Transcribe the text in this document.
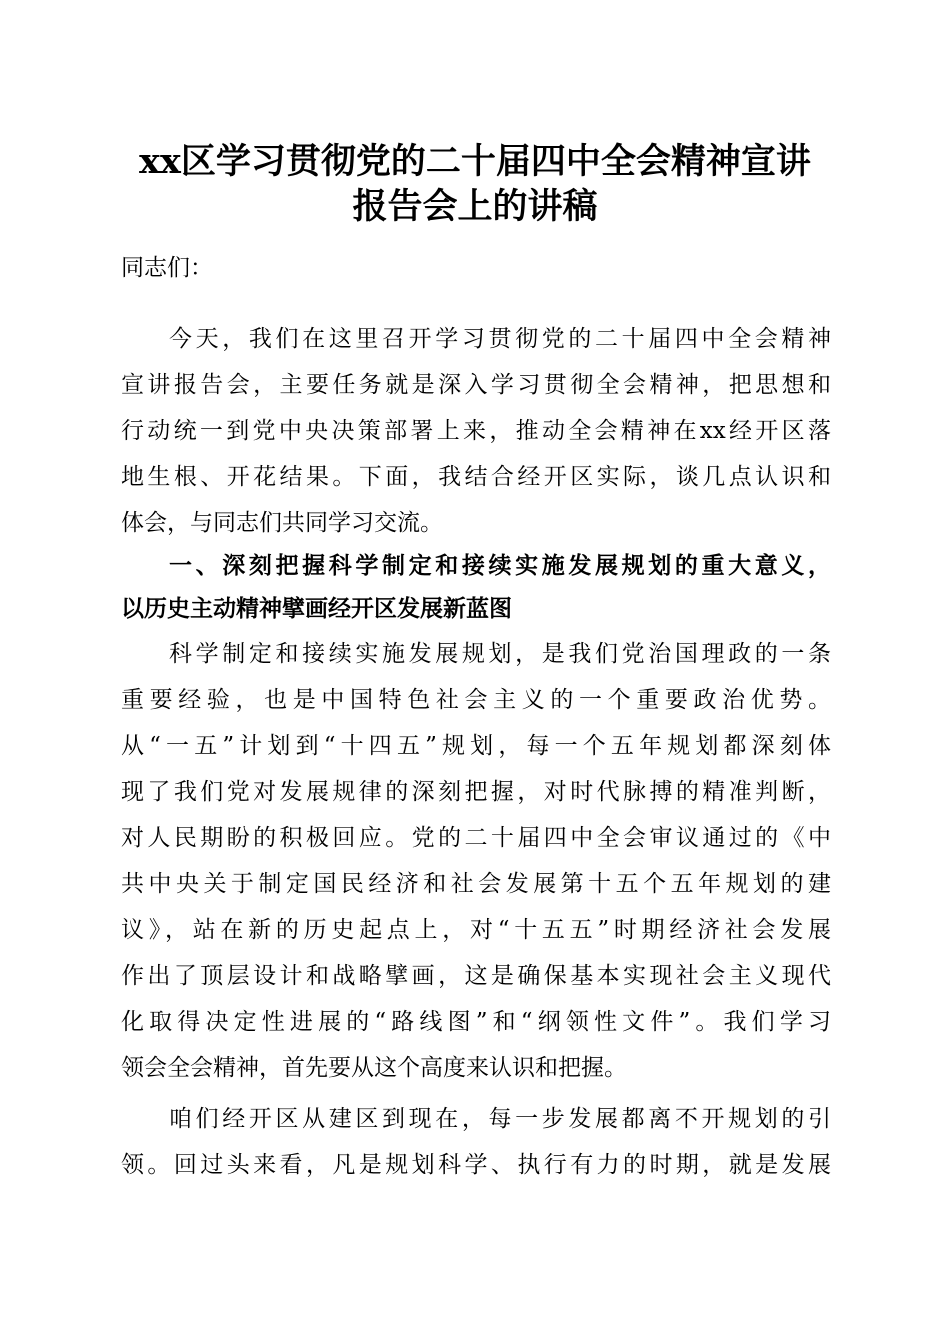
xx区学习贯彻党的二十届四中全会精神宣讲
报告会上的讲稿
同志们：
今天，我们在这里召开学习贯彻党的二十届四中全会精神
宣讲报告会，主要任务就是深入学习贯彻全会精神，把思想和
行动统一到党中央决策部署上来，推动全会精神在xx经开区落
地生根、开花结果。下面，我结合经开区实际，谈几点认识和
体会，与同志们共同学习交流。
一、深刻把握科学制定和接续实施发展规划的重大意义，
以历史主动精神擘画经开区发展新蓝图
科学制定和接续实施发展规划，是我们党治国理政的一条
重要经验，也是中国特色社会主义的一个重要政治优势。
从“一五”计划到“十四五”规划，每一个五年规划都深刻体
现了我们党对发展规律的深刻把握，对时代脉搏的精准判断，
对人民期盼的积极回应。党的二十届四中全会审议通过的《中
共中央关于制定国民经济和社会发展第十五个五年规划的建
议》，站在新的历史起点上，对“十五五”时期经济社会发展
作出了顶层设计和战略擘画，这是确保基本实现社会主义现代
化取得决定性进展的“路线图”和“纲领性文件”。我们学习
领会全会精神，首先要从这个高度来认识和把握。
咱们经开区从建区到现在，每一步发展都离不开规划的引
领。回过头来看，凡是规划科学、执行有力的时期，就是发展
